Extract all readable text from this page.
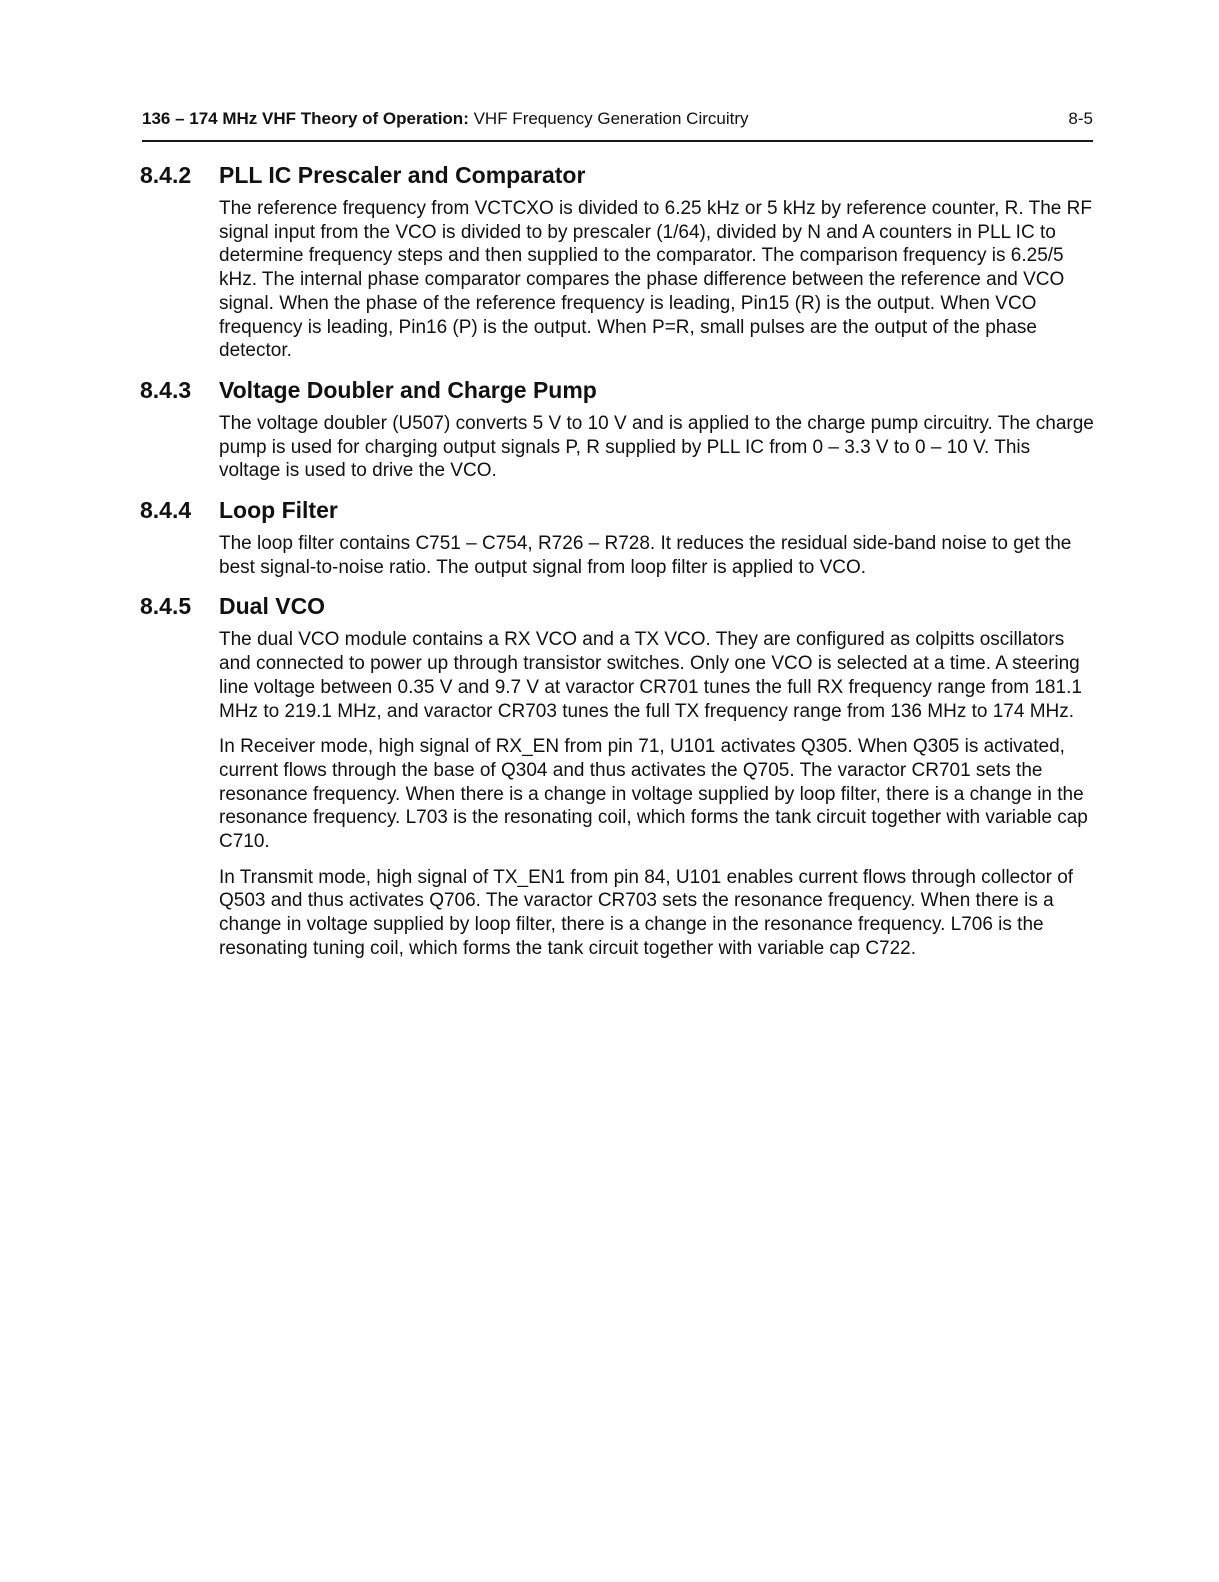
136 – 174 MHz VHF Theory of Operation: VHF Frequency Generation Circuitry	8-5
8.4.2	PLL IC Prescaler and Comparator

The reference frequency from VCTCXO is divided to 6.25 kHz or 5 kHz by reference counter, R. The RF signal input from the VCO is divided to by prescaler (1/64), divided by N and A counters in PLL IC to determine frequency steps and then supplied to the comparator. The comparison frequency is 6.25/5 kHz. The internal phase comparator compares the phase difference between the reference and VCO signal. When the phase of the reference frequency is leading, Pin15 (R) is the output. When VCO frequency is leading, Pin16 (P) is the output. When P=R, small pulses are the output of the phase detector.

8.4.3	Voltage Doubler and Charge Pump

The voltage doubler (U507) converts 5 V to 10 V and is applied to the charge pump circuitry. The charge pump is used for charging output signals P, R supplied by PLL IC from 0 – 3.3 V to 0 – 10 V. This voltage is used to drive the VCO.

8.4.4	Loop Filter

The loop filter contains C751 – C754, R726 – R728. It reduces the residual side-band noise to get the best signal-to-noise ratio. The output signal from loop filter is applied to VCO.

8.4.5	Dual VCO

The dual VCO module contains a RX VCO and a TX VCO. They are configured as colpitts oscillators and connected to power up through transistor switches. Only one VCO is selected at a time. A steering line voltage between 0.35 V and 9.7 V at varactor CR701 tunes the full RX frequency range from 181.1 MHz to 219.1 MHz, and varactor CR703 tunes the full TX frequency range from 136 MHz to 174 MHz.

In Receiver mode, high signal of RX_EN from pin 71, U101 activates Q305. When Q305 is activated, current flows through the base of Q304 and thus activates the Q705. The varactor CR701 sets the resonance frequency. When there is a change in voltage supplied by loop filter, there is a change in the resonance frequency. L703 is the resonating coil, which forms the tank circuit together with variable cap C710.

In Transmit mode, high signal of TX_EN1 from pin 84, U101 enables current flows through collector of Q503 and thus activates Q706. The varactor CR703 sets the resonance frequency. When there is a change in voltage supplied by loop filter, there is a change in the resonance frequency. L706 is the resonating tuning coil, which forms the tank circuit together with variable cap C722.
